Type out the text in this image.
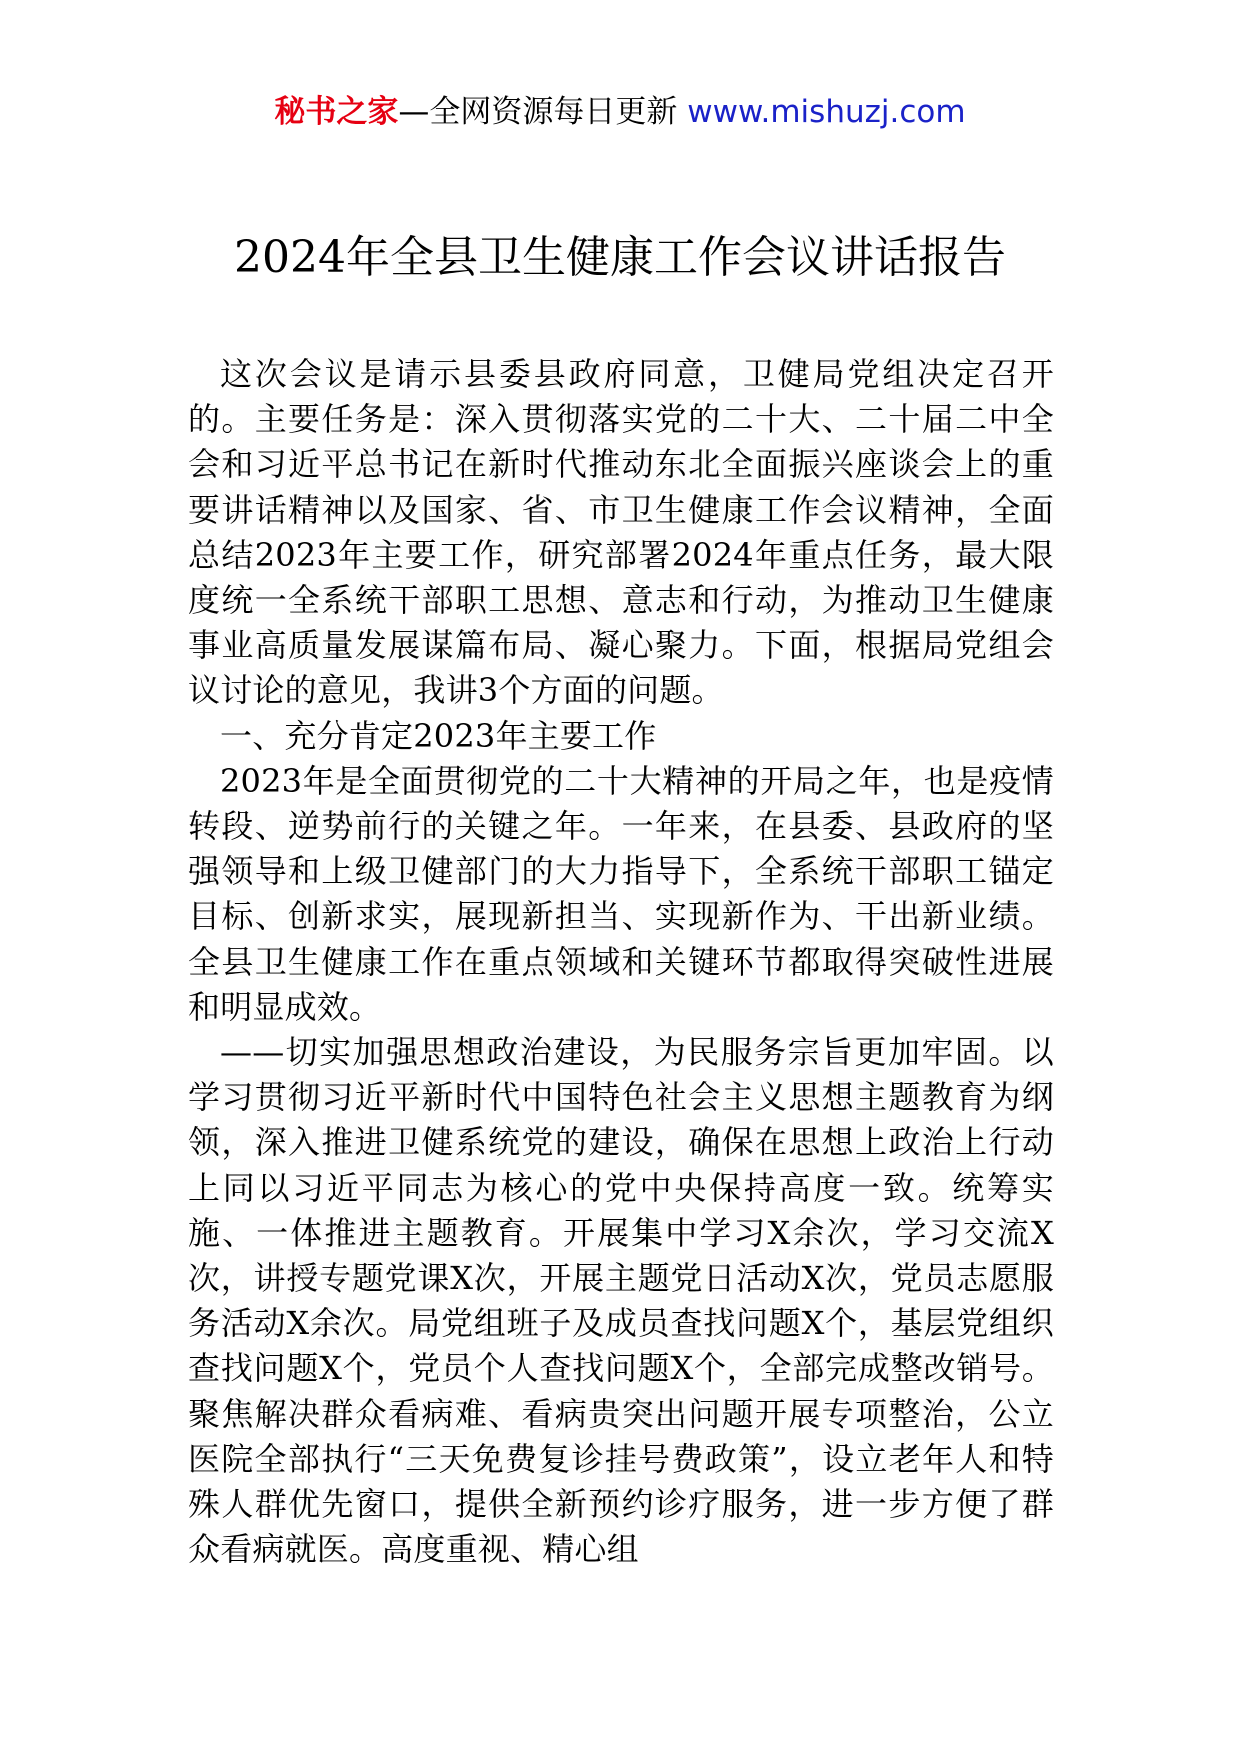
秘书之家—全网资源每日更新 www.mishuzj.com
2024年全县卫生健康工作会议讲话报告

这次会议是请示县委县政府同意，卫健局党组决定召开的。主要任务是：深入贯彻落实党的二十大、二十届二中全会和习近平总书记在新时代推动东北全面振兴座谈会上的重要讲话精神以及国家、省、市卫生健康工作会议精神，全面总结2023年主要工作，研究部署2024年重点任务，最大限度统一全系统干部职工思想、意志和行动，为推动卫生健康事业高质量发展谋篇布局、凝心聚力。下面，根据局党组会议讨论的意见，我讲3个方面的问题。

一、充分肯定2023年主要工作

2023年是全面贯彻党的二十大精神的开局之年，也是疫情转段、逆势前行的关键之年。一年来，在县委、县政府的坚强领导和上级卫健部门的大力指导下，全系统干部职工锚定目标、创新求实，展现新担当、实现新作为、干出新业绩。全县卫生健康工作在重点领域和关键环节都取得突破性进展和明显成效。

——切实加强思想政治建设，为民服务宗旨更加牢固。以学习贯彻习近平新时代中国特色社会主义思想主题教育为纲领，深入推进卫健系统党的建设，确保在思想上政治上行动上同以习近平同志为核心的党中央保持高度一致。统筹实施、一体推进主题教育。开展集中学习X余次，学习交流X次，讲授专题党课X次，开展主题党日活动X次，党员志愿服务活动X余次。局党组班子及成员查找问题X个，基层党组织查找问题X个，党员个人查找问题X个，全部完成整改销号。聚焦解决群众看病难、看病贵突出问题开展专项整治，公立医院全部执行“三天免费复诊挂号费政策”，设立老年人和特殊人群优先窗口，提供全新预约诊疗服务，进一步方便了群众看病就医。高度重视、精心组
